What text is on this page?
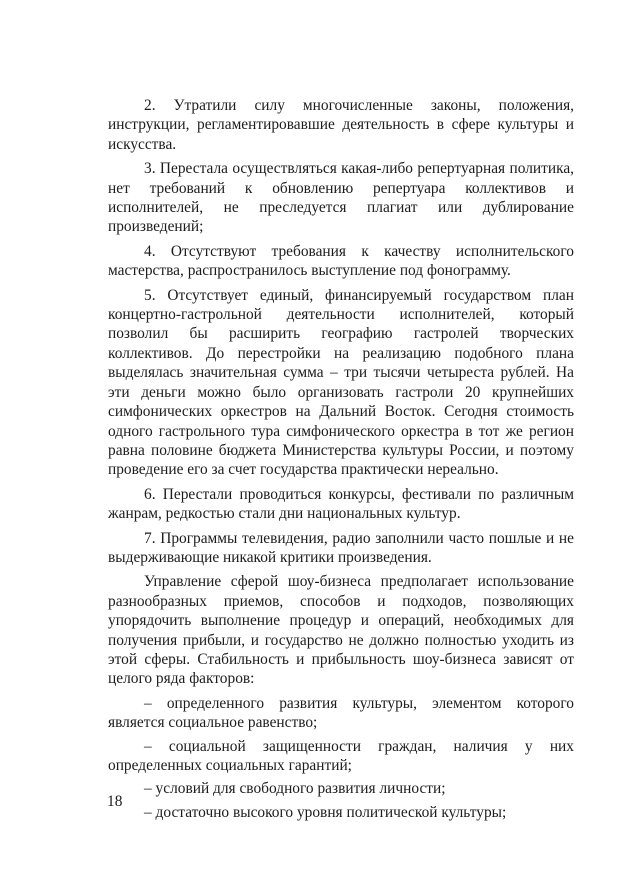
2. Утратили силу многочисленные законы, положения, инструкции, регламентировавшие деятельность в сфере культуры и искусства.

3. Перестала осуществляться какая-либо репертуарная политика, нет требований к обновлению репертуара коллективов и исполнителей, не преследуется плагиат или дублирование произведений;

4. Отсутствуют требования к качеству исполнительского мастерства, распространилось выступление под фонограмму.

5. Отсутствует единый, финансируемый государством план концертно-гастрольной деятельности исполнителей, который позволил бы расширить географию гастролей творческих коллективов. До перестройки на реализацию подобного плана выделялась значительная сумма – три тысячи четыреста рублей. На эти деньги можно было организовать гастроли 20 крупнейших симфонических оркестров на Дальний Восток. Сегодня стоимость одного гастрольного тура симфонического оркестра в тот же регион равна половине бюджета Министерства культуры России, и поэтому проведение его за счет государства практически нереально.

6. Перестали проводиться конкурсы, фестивали по различным жанрам, редкостью стали дни национальных культур.

7. Программы телевидения, радио заполнили часто пошлые и не выдерживающие никакой критики произведения.

Управление сферой шоу-бизнеса предполагает использование разнообразных приемов, способов и подходов, позволяющих упорядочить выполнение процедур и операций, необходимых для получения прибыли, и государство не должно полностью уходить из этой сферы. Стабильность и прибыльность шоу-бизнеса зависят от целого ряда факторов:

– определенного развития культуры, элементом которого является социальное равенство;

– социальной защищенности граждан, наличия у них определенных социальных гарантий;

– условий для свободного развития личности;

– достаточно высокого уровня политической культуры;

18
